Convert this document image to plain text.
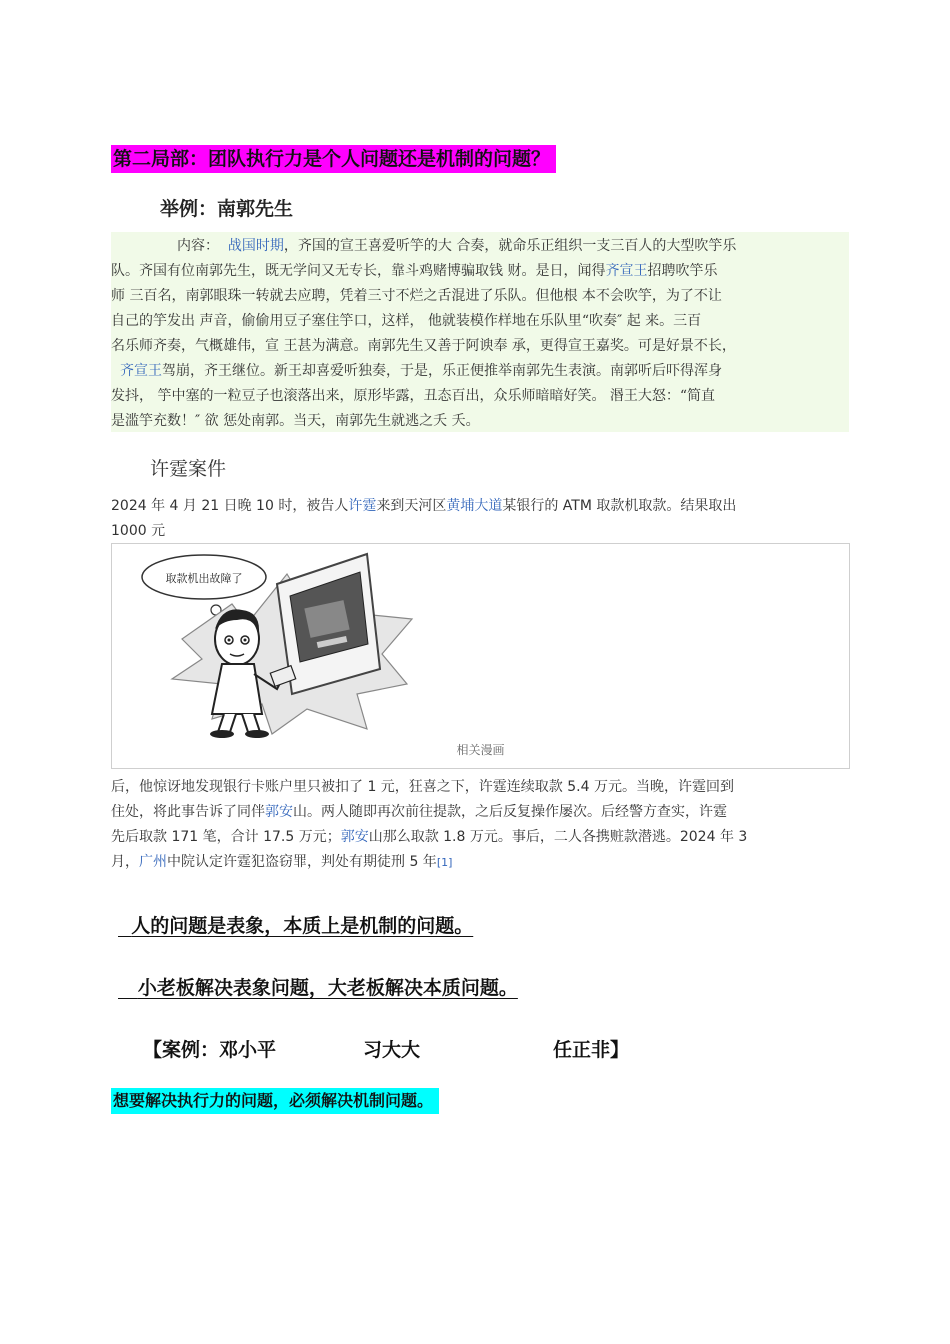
第二局部：团队执行力是个人问题还是机制的问题？
举例：南郭先生
内容： 战国时期，齐国的宣王喜爱听竽的大 合奏，就命乐正组织一支三百人的大型吹竽乐
队。齐国有位南郭先生，既无学问又无专长，靠斗鸡赌博骗取钱 财。是日，闻得齐宣王招聘吹竽乐
师 三百名，南郭眼珠一转就去应聘，凭着三寸不烂之舌混进了乐队。但他根 本不会吹竽，为了不让
自己的竽发出 声音，偷偷用豆子塞住竽口，这样， 他就装模作样地在乐队里“吹奏″ 起 来。三百
名乐师齐奏，气概雄伟，宣 王甚为满意。南郭先生又善于阿谀奉 承，更得宣王嘉奖。可是好景不长，
齐宣王驾崩，齐王继位。新王却喜爱听独奏，于是，乐正便推举南郭先生表演。南郭听后吓得浑身
发抖， 竽中塞的一粒豆子也滚落出来，原形毕露，丑态百出，众乐师暗暗好笑。 湣王大怒：“简直
是滥竽充数！″ 欲 惩处南郭。当天，南郭先生就逃之夭 夭。
许霆案件
2024 年 4 月 21 日晚 10 时，被告人许霆来到天河区黄埔大道某银行的 ATM 取款机取款。结果取出
1000 元
取款机出故障了
相关漫画
后，他惊讶地发现银行卡账户里只被扣了 1 元，狂喜之下，许霆连续取款 5.4 万元。当晚，许霆回到
住处，将此事告诉了同伴郭安山。两人随即再次前往提款，之后反复操作屡次。后经警方查实，许霆
先后取款 171 笔，合计 17.5 万元；郭安山那么取款 1.8 万元。事后，二人各携赃款潜逃。2024 年 3
月，广州中院认定许霆犯盗窃罪，判处有期徒刑 5 年[1]
人的问题是表象，本质上是机制的问题。
小老板解决表象问题，大老板解决本质问题。
【案例：邓小平	习大大	任正非】
想要解决执行力的问题，必须解决机制问题。
